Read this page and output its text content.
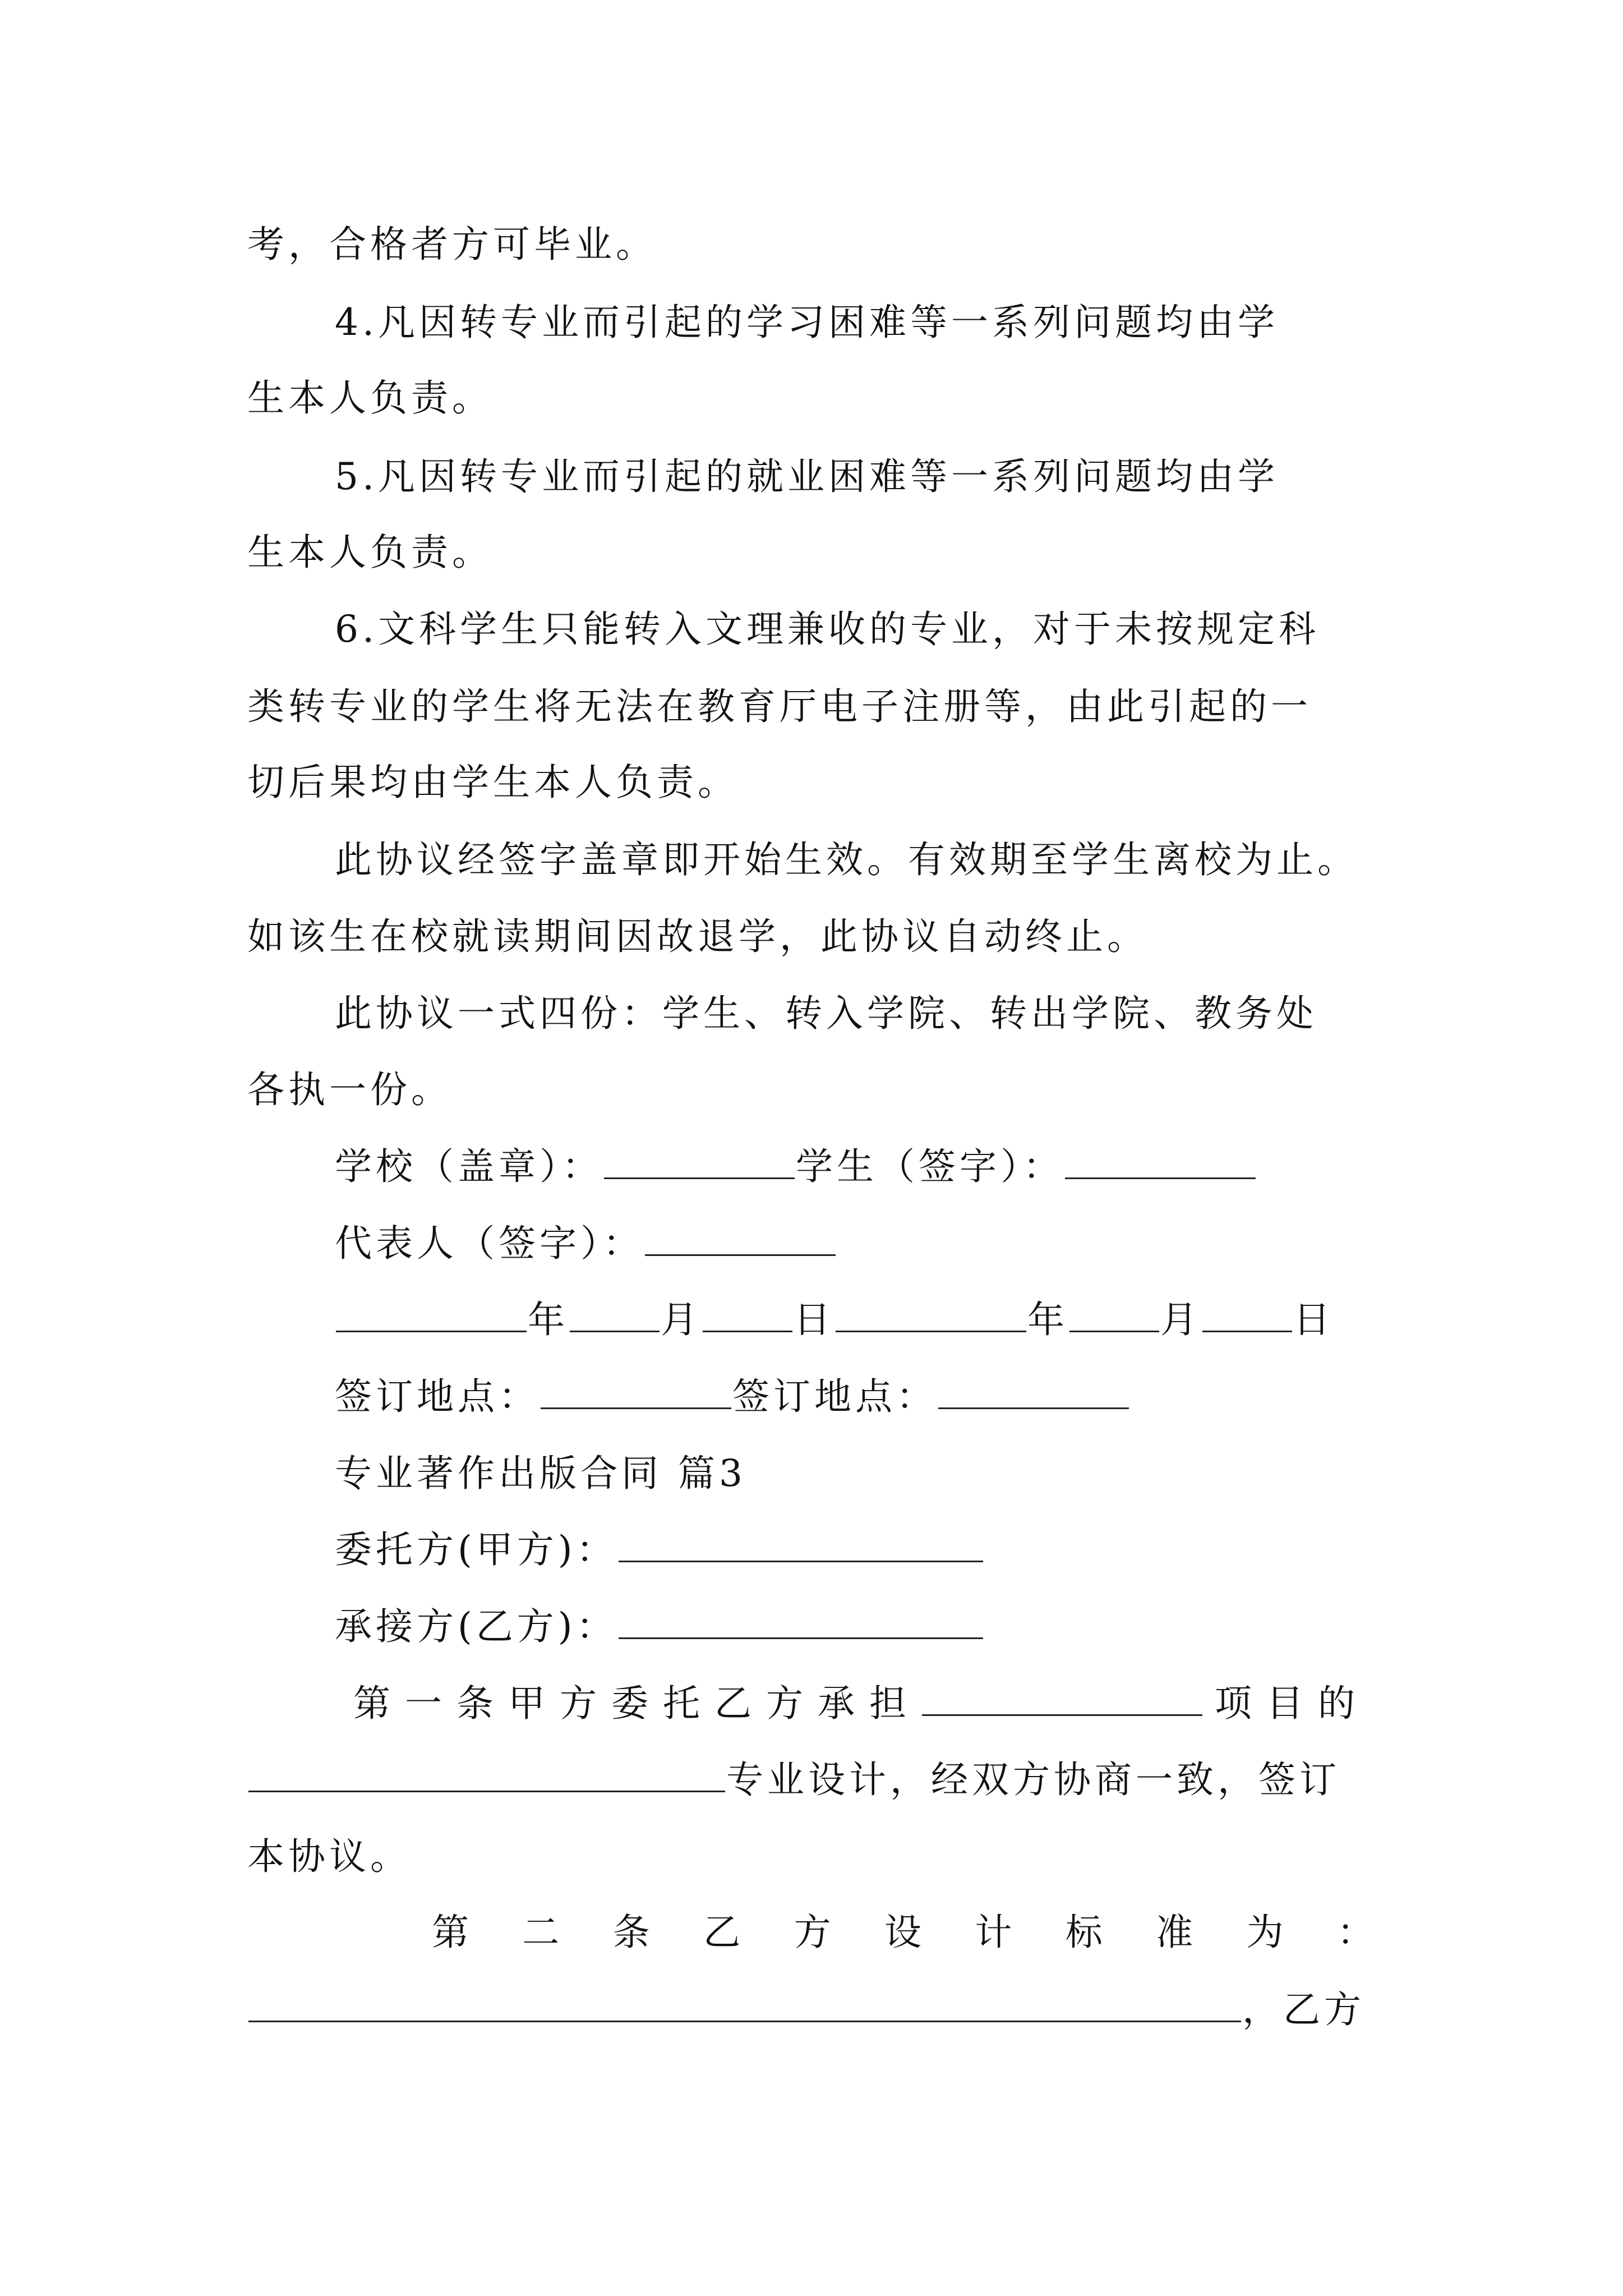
考，合格者方可毕业。
4.凡因转专业而引起的学习困难等一系列问题均由学
生本人负责。
5.凡因转专业而引起的就业困难等一系列问题均由学
生本人负责。
6.文科学生只能转入文理兼收的专业，对于未按规定科
类转专业的学生将无法在教育厅电子注册等，由此引起的一
切后果均由学生本人负责。
此协议经签字盖章即开始生效。有效期至学生离校为止。
如该生在校就读期间因故退学，此协议自动终止。
此协议一式四份：学生、转入学院、转出学院、教务处
各执一份。
学校（盖章）：	学生（签字）：
代表人（签字）：
年 月 日	年 月 日
签订地点：	签订地点：
专业著作出版合同 篇3
委托方(甲方)：
承接方(乙方)：
第一条甲方委托乙方承担	项目的
专业设计，经双方协商一致，签订
本协议。
第 二 条 乙 方 设 计 标 准 为 ：
，乙方
